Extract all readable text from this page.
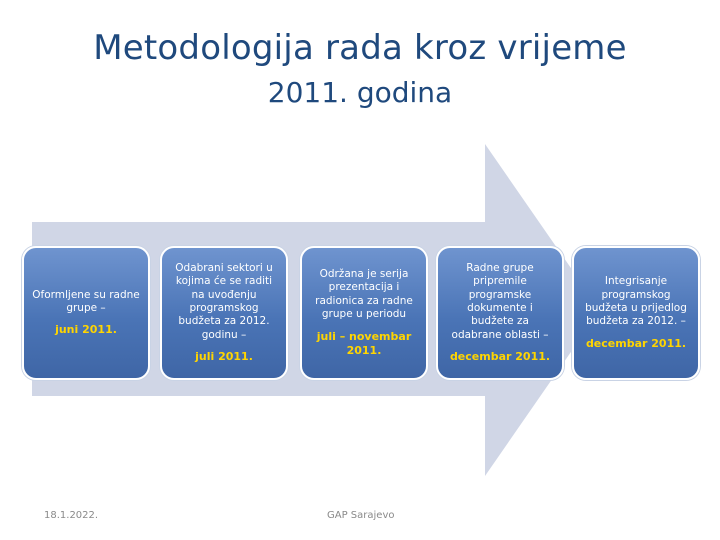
Metodologija rada kroz vrijeme
2011. godina
Oformljene su radne grupe –
juni 2011.
Odabrani sektori u kojima će se raditi na uvođenju programskog budžeta za 2012. godinu –
juli 2011.
Održana je serija prezentacija i radionica za radne grupe u periodu
juli – novembar 2011.
Radne grupe pripremile programske dokumente i budžete za odabrane oblasti –
decembar 2011.
Integrisanje programskog budžeta u prijedlog budžeta za 2012. –
decembar 2011.
18.1.2022.	GAP Sarajevo
